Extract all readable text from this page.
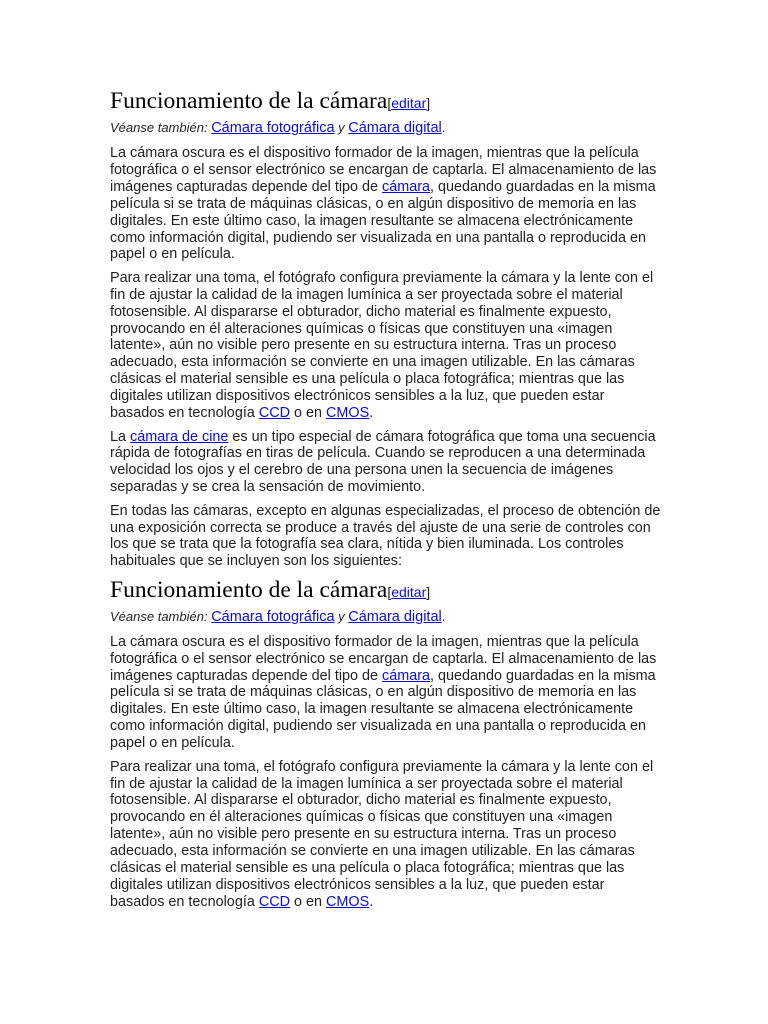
Funcionamiento de la cámara[editar]
Véanse también: Cámara fotográfica y Cámara digital.

La cámara oscura es el dispositivo formador de la imagen, mientras que la película fotográfica o el sensor electrónico se encargan de captarla. El almacenamiento de las imágenes capturadas depende del tipo de cámara, quedando guardadas en la misma película si se trata de máquinas clásicas, o en algún dispositivo de memoria en las digitales. En este último caso, la imagen resultante se almacena electrónicamente como información digital, pudiendo ser visualizada en una pantalla o reproducida en papel o en película.

Para realizar una toma, el fotógrafo configura previamente la cámara y la lente con el fin de ajustar la calidad de la imagen lumínica a ser proyectada sobre el material fotosensible. Al dispararse el obturador, dicho material es finalmente expuesto, provocando en él alteraciones químicas o físicas que constituyen una «imagen latente», aún no visible pero presente en su estructura interna. Tras un proceso adecuado, esta información se convierte en una imagen utilizable. En las cámaras clásicas el material sensible es una película o placa fotográfica; mientras que las digitales utilizan dispositivos electrónicos sensibles a la luz, que pueden estar basados en tecnología CCD o en CMOS.

La cámara de cine es un tipo especial de cámara fotográfica que toma una secuencia rápida de fotografías en tiras de película. Cuando se reproducen a una determinada velocidad los ojos y el cerebro de una persona unen la secuencia de imágenes separadas y se crea la sensación de movimiento.

En todas las cámaras, excepto en algunas especializadas, el proceso de obtención de una exposición correcta se produce a través del ajuste de una serie de controles con los que se trata que la fotografía sea clara, nítida y bien iluminada. Los controles habituales que se incluyen son los siguientes:

Funcionamiento de la cámara[editar]
Véanse también: Cámara fotográfica y Cámara digital.

La cámara oscura es el dispositivo formador de la imagen, mientras que la película fotográfica o el sensor electrónico se encargan de captarla. El almacenamiento de las imágenes capturadas depende del tipo de cámara, quedando guardadas en la misma película si se trata de máquinas clásicas, o en algún dispositivo de memoria en las digitales. En este último caso, la imagen resultante se almacena electrónicamente como información digital, pudiendo ser visualizada en una pantalla o reproducida en papel o en película.

Para realizar una toma, el fotógrafo configura previamente la cámara y la lente con el fin de ajustar la calidad de la imagen lumínica a ser proyectada sobre el material fotosensible. Al dispararse el obturador, dicho material es finalmente expuesto, provocando en él alteraciones químicas o físicas que constituyen una «imagen latente», aún no visible pero presente en su estructura interna. Tras un proceso adecuado, esta información se convierte en una imagen utilizable. En las cámaras clásicas el material sensible es una película o placa fotográfica; mientras que las digitales utilizan dispositivos electrónicos sensibles a la luz, que pueden estar basados en tecnología CCD o en CMOS.
